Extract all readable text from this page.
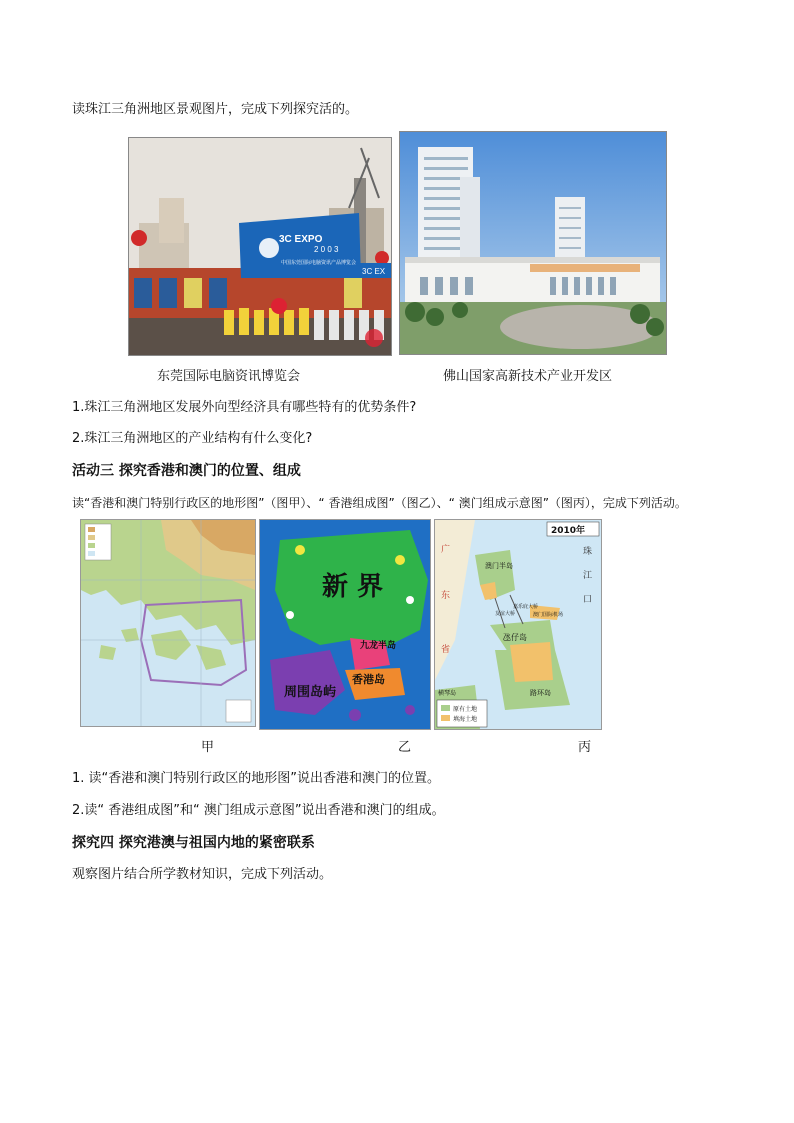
读珠江三角洲地区景观图片，完成下列探究活的。
3C EXPO
2 0 0 3
中国东莞国际电脑资讯产品博览会
3C EX
东莞国际电脑资讯博览会	佛山国家高新技术产业开发区
1.珠江三角洲地区发展外向型经济具有哪些特有的优势条件?
2.珠江三角洲地区的产业结构有什么变化?
活动三 探究香港和澳门的位置、组成
读“香港和澳门特别行政区的地形图”（图甲）、“ 香港组成图”（图乙）、“ 澳门组成示意图”（图丙），完成下列活动。
新 界
九龙半岛
香港岛
周围岛屿
2010年
广
东
省
珠
江
口
澳门半岛
友谊大桥
嘉乐庇大桥
澳门国际机场
氹仔岛
路环岛
横琴岛
原有土地
填海土地
甲	乙	丙
1. 读“香港和澳门特别行政区的地形图”说出香港和澳门的位置。
2.读“ 香港组成图”和“ 澳门组成示意图”说出香港和澳门的组成。
探究四 探究港澳与祖国内地的紧密联系
观察图片结合所学教材知识，完成下列活动。
